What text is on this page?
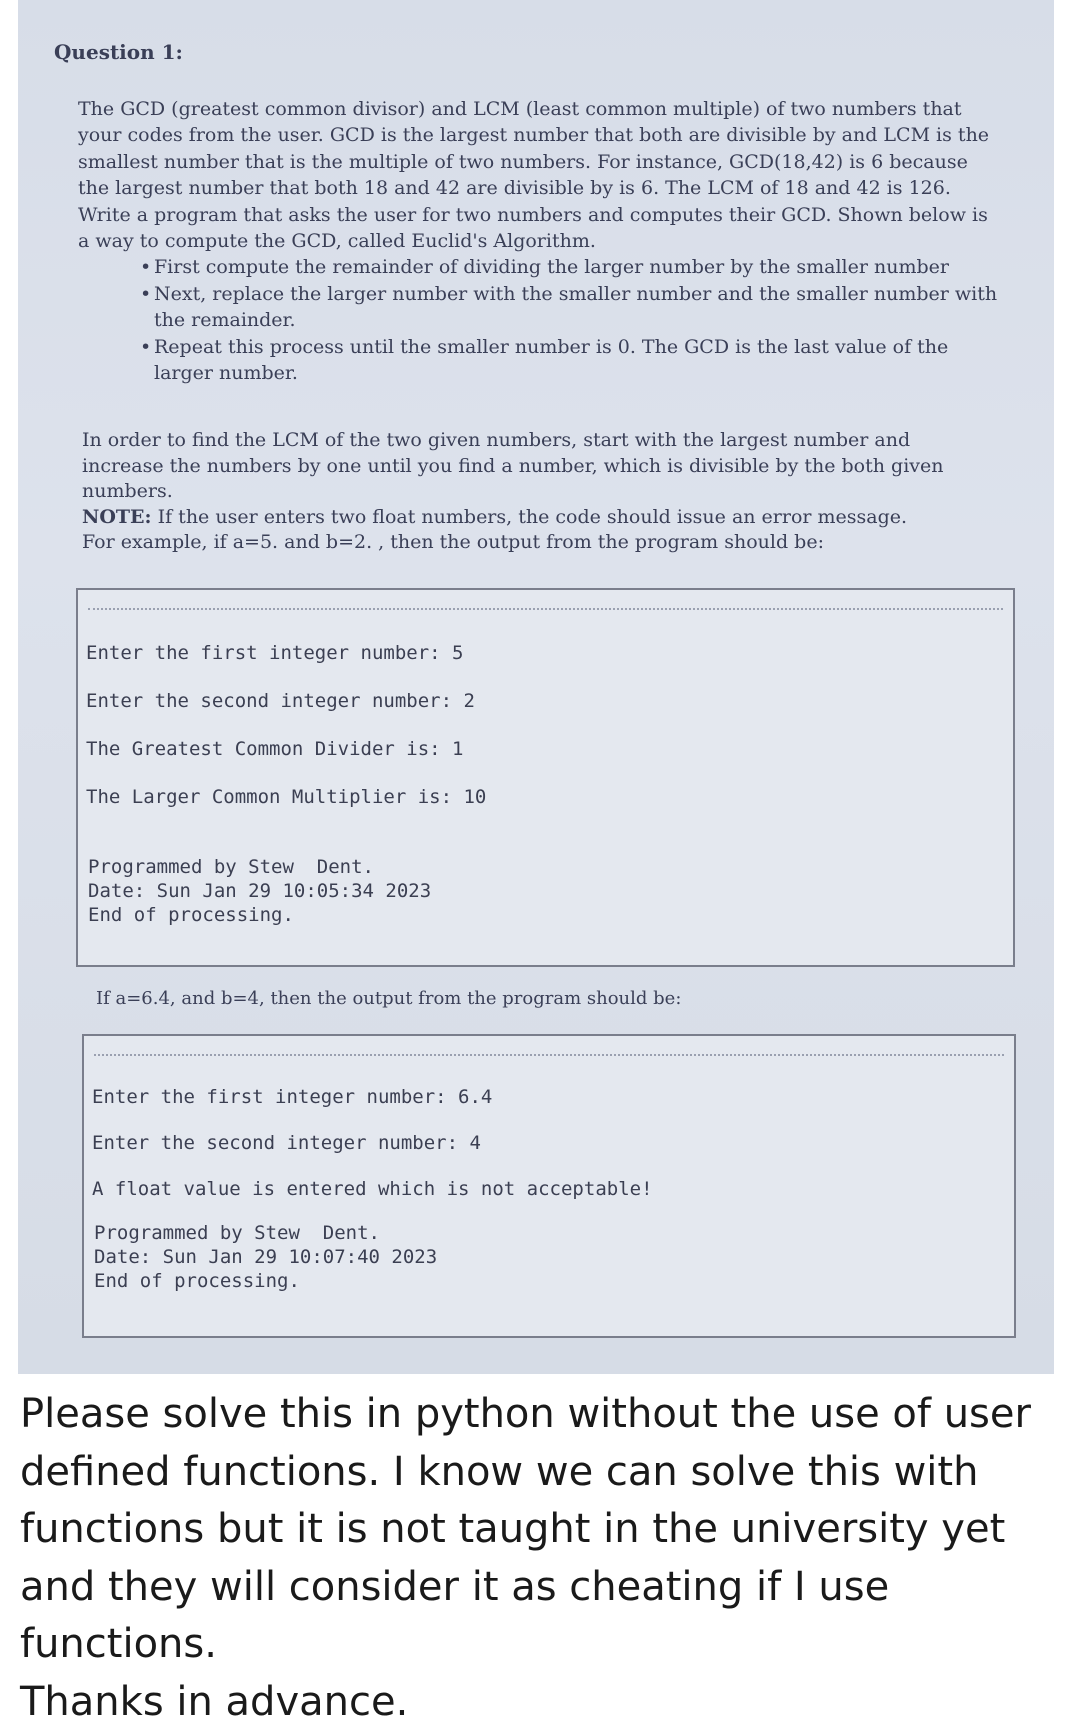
Question 1:

The GCD (greatest common divisor) and LCM (least common multiple) of two numbers that your codes from the user. GCD is the largest number that both are divisible by and LCM is the smallest number that is the multiple of two numbers. For instance, GCD(18,42) is 6 because the largest number that both 18 and 42 are divisible by is 6. The LCM of 18 and 42 is 126. Write a program that asks the user for two numbers and computes their GCD. Shown below is a way to compute the GCD, called Euclid's Algorithm.

• First compute the remainder of dividing the larger number by the smaller number
• Next, replace the larger number with the smaller number and the smaller number with the remainder.
• Repeat this process until the smaller number is 0. The GCD is the last value of the larger number.

In order to find the LCM of the two given numbers, start with the largest number and increase the numbers by one until you find a number, which is divisible by the both given numbers.

NOTE: If the user enters two float numbers, the code should issue an error message.

For example, if a=5. and b=2. , then the output from the program should be:

Enter the first integer number: 5
Enter the second integer number: 2
The Greatest Common Divider is: 1
The Larger Common Multiplier is: 10
Programmed by Stew  Dent.
Date: Sun Jan 29 10:05:34 2023
End of processing.
If a=6.4, and b=4, then the output from the program should be:
Enter the first integer number: 6.4
Enter the second integer number: 4
A float value is entered which is not acceptable!
Programmed by Stew  Dent.
Date: Sun Jan 29 10:07:40 2023
End of processing.

Please solve this in python without the use of user defined functions. I know we can solve this with functions but it is not taught in the university yet and they will consider it as cheating if I use functions.

Thanks in advance.
